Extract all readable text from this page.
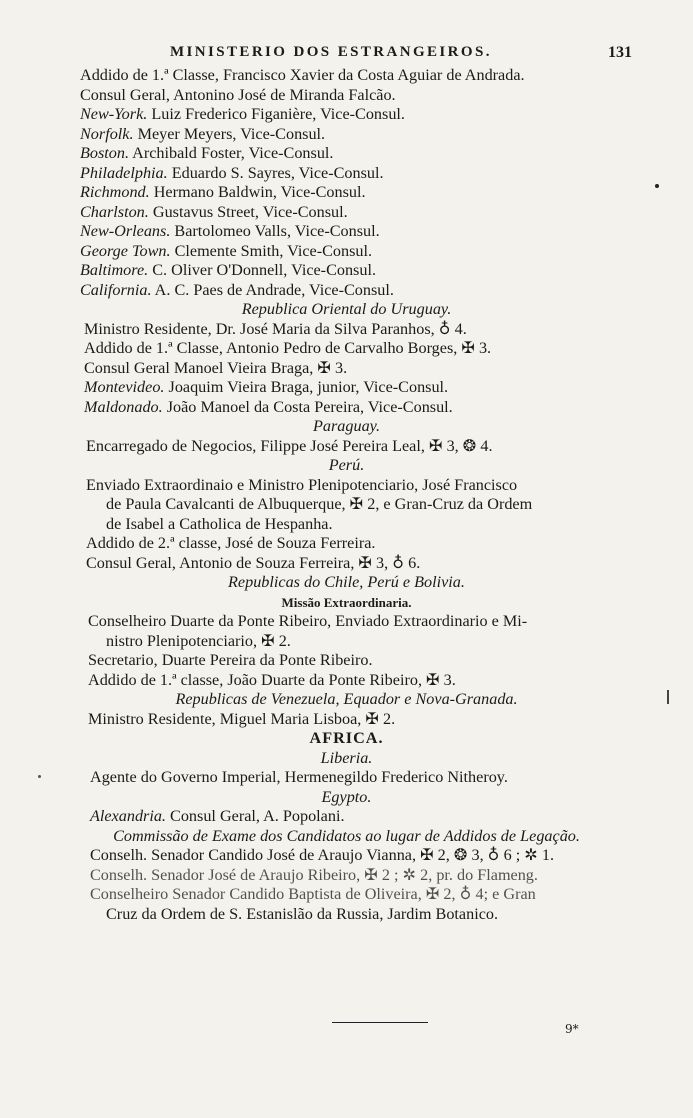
MINISTERIO DOS ESTRANGEIROS.	131

Addido de 1.ª Classe, Francisco Xavier da Costa Aguiar de Andrada.

Consul Geral, Antonino José de Miranda Falcão.

New-York. Luiz Frederico Figanière, Vice-Consul.

Norfolk. Meyer Meyers, Vice-Consul.

Boston. Archibald Foster, Vice-Consul.

Philadelphia. Eduardo S. Sayres, Vice-Consul.

Richmond. Hermano Baldwin, Vice-Consul.

Charlston. Gustavus Street, Vice-Consul.

New-Orleans. Bartolomeo Valls, Vice-Consul.

George Town. Clemente Smith, Vice-Consul.

Baltimore. C. Oliver O'Donnell, Vice-Consul.

California. A. C. Paes de Andrade, Vice-Consul.

Republica Oriental do Uruguay.

Ministro Residente, Dr. José Maria da Silva Paranhos, ♁ 4.

Addido de 1.ª Classe, Antonio Pedro de Carvalho Borges, ✠ 3.

Consul Geral Manoel Vieira Braga, ✠ 3.

Montevideo. Joaquim Vieira Braga, junior, Vice-Consul.

Maldonado. João Manoel da Costa Pereira, Vice-Consul.

Paraguay.

Encarregado de Negocios, Filippe José Pereira Leal, ✠ 3, ❂ 4.

Perú.

Enviado Extraordinaio e Ministro Plenipotenciario, José Francisco

de Paula Cavalcanti de Albuquerque, ✠ 2, e Gran-Cruz da Ordem

de Isabel a Catholica de Hespanha.

Addido de 2.ª classe, José de Souza Ferreira.

Consul Geral, Antonio de Souza Ferreira, ✠ 3, ♁ 6.

Republicas do Chile, Perú e Bolivia.

Missão Extraordinaria.

Conselheiro Duarte da Ponte Ribeiro, Enviado Extraordinario e Mi-

nistro Plenipotenciario, ✠ 2.

Secretario, Duarte Pereira da Ponte Ribeiro.

Addido de 1.ª classe, João Duarte da Ponte Ribeiro, ✠ 3.

Republicas de Venezuela, Equador e Nova-Granada.

Ministro Residente, Miguel Maria Lisboa, ✠ 2.

AFRICA.

Liberia.

Agente do Governo Imperial, Hermenegildo Frederico Nitheroy.

Egypto.

Alexandria. Consul Geral, A. Popolani.

Commissão de Exame dos Candidatos ao lugar de Addidos de Legação.

Conselh. Senador Candido José de Araujo Vianna, ✠ 2, ❂ 3, ♁ 6 ; ✲ 1.

Conselh. Senador José de Araujo Ribeiro, ✠ 2 ; ✲ 2, pr. do Flameng.

Conselheiro Senador Candido Baptista de Oliveira, ✠ 2, ♁ 4; e Gran

Cruz da Ordem de S. Estanislão da Russia, Jardim Botanico.

9*
